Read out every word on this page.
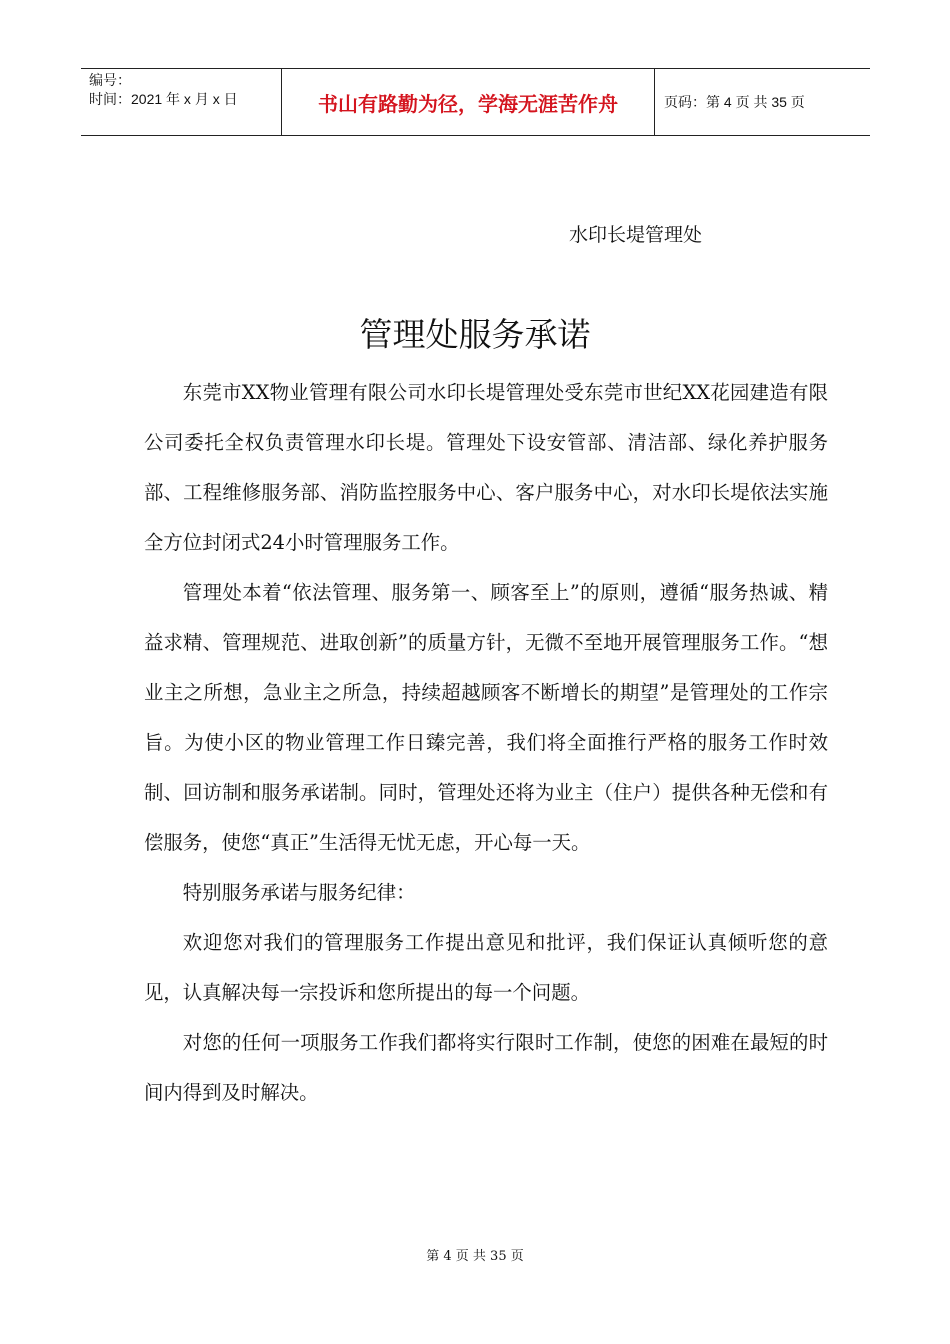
编号：
时间：2021 年 x 月 x 日	书山有路勤为径，学海无涯苦作舟	页码：第 4 页 共 35 页
水印长堤管理处
管理处服务承诺

东莞市XX物业管理有限公司水印长堤管理处受东莞市世纪XX花园建造有限公司委托全权负责管理水印长堤。管理处下设安管部、清洁部、绿化养护服务部、工程维修服务部、消防监控服务中心、客户服务中心，对水印长堤依法实施全方位封闭式24小时管理服务工作。

管理处本着“依法管理、服务第一、顾客至上”的原则，遵循“服务热诚、精益求精、管理规范、进取创新”的质量方针，无微不至地开展管理服务工作。“想业主之所想，急业主之所急，持续超越顾客不断增长的期望”是管理处的工作宗旨。为使小区的物业管理工作日臻完善，我们将全面推行严格的服务工作时效制、回访制和服务承诺制。同时，管理处还将为业主（住户）提供各种无偿和有偿服务，使您“真正”生活得无忧无虑，开心每一天。

特别服务承诺与服务纪律：

欢迎您对我们的管理服务工作提出意见和批评，我们保证认真倾听您的意见，认真解决每一宗投诉和您所提出的每一个问题。

对您的任何一项服务工作我们都将实行限时工作制，使您的困难在最短的时间内得到及时解决。

第 4 页 共 35 页
